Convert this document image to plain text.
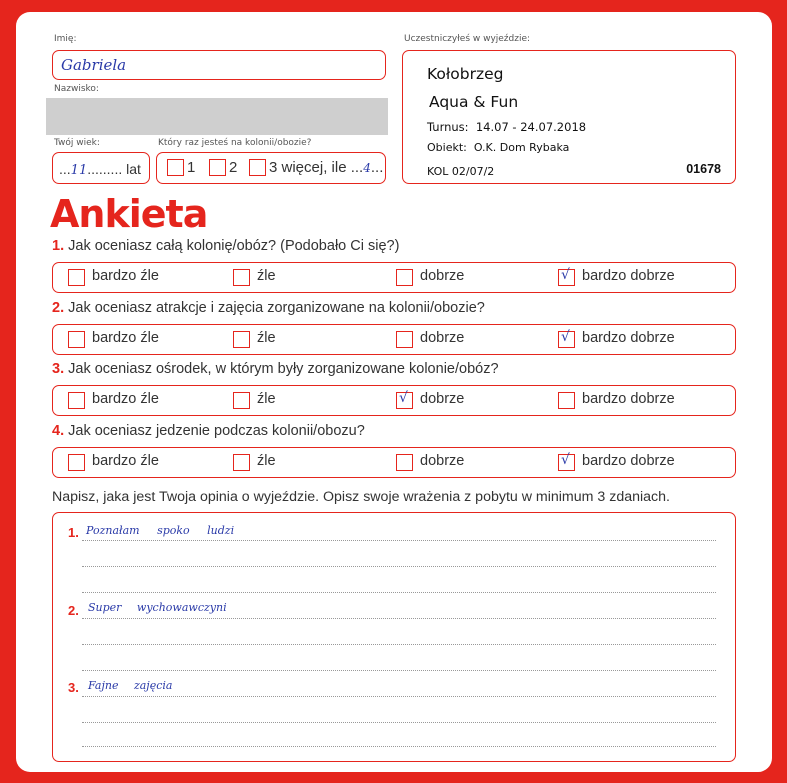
Imię:
Gabriela
Nazwisko:
Twój wiek:
...11......... lat
Który raz jesteś na kolonii/obozie?
1 2 3 więcej, ile ...4...
Uczestniczyłeś w wyjeździe:
Kołobrzeg
Aqua & Fun
Turnus:  14.07 - 24.07.2018
Obiekt:  O.K. Dom Rybaka
KOL 02/07/2	01678
Ankieta
1. Jak oceniasz całą kolonię/obóz? (Podobało Ci się?)
bardzo źle	źle	dobrze	√ bardzo dobrze
2. Jak oceniasz atrakcje i zajęcia zorganizowane na kolonii/obozie?
bardzo źle	źle	dobrze	√ bardzo dobrze
3. Jak oceniasz ośrodek, w którym były zorganizowane kolonie/obóz?
bardzo źle	źle	√ dobrze	bardzo dobrze
4. Jak oceniasz jedzenie podczas kolonii/obozu?
bardzo źle	źle	dobrze	√ bardzo dobrze
Napisz, jaka jest Twoja opinia o wyjeździe. Opisz swoje wrażenia z pobytu w minimum 3 zdaniach.
1. Poznałam spoko ludzi
2. Super wychowawczyni
3. Fajne zajęcia
